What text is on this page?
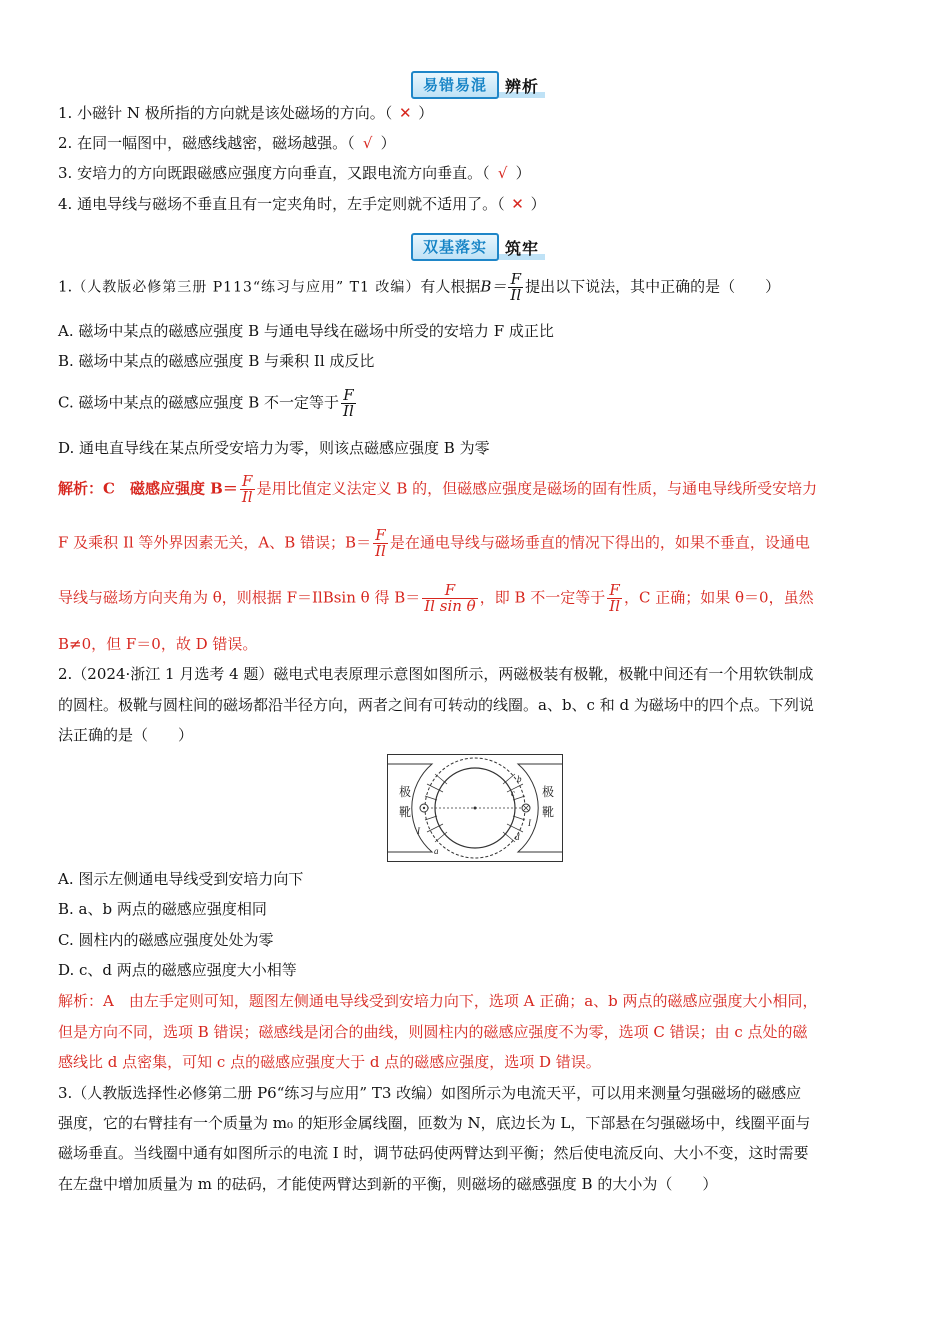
易错易混	辨析
1. 小磁针 N 极所指的方向就是该处磁场的方向。（ ✕ ）
2. 在同一幅图中，磁感线越密，磁场越强。（ √ ）
3. 安培力的方向既跟磁感应强度方向垂直，又跟电流方向垂直。（ √ ）
4. 通电导线与磁场不垂直且有一定夹角时，左手定则就不适用了。（ ✕ ）
双基落实	筑牢
1.（人教版必修第三册 P113“练习与应用” T1 改编）有人根据$B= \frac{F}{Il}$ 提出以下说法，其中正确的是（　　）
A. 磁场中某点的磁感应强度 B 与通电导线在磁场中所受的安培力 F 成正比
B. 磁场中某点的磁感应强度 B 与乘积 Il 成反比
C. 磁场中某点的磁感应强度 B 不一定等于 $\frac{F}{Il}$
D. 通电直导线在某点所受安培力为零，则该点磁感应强度 B 为零
解析：C　磁感应强度 $B= \frac{F}{Il}$ 是用比值定义法定义 B 的，但磁感应强度是磁场的固有性质，与通电导线所受安培力
F 及乘积 Il 等外界因素无关，A、B 错误；$B= \frac{F}{Il}$ 是在通电导线与磁场垂直的情况下得出的，如果不垂直，设通电
导线与磁场方向夹角为 θ，则根据 F＝IlBsin θ 得 $B= \frac{F}{\text{Il sin θ}}$ ，即 B 不一定等于 $\frac{F}{Il}$ ，C 正确；如果 θ＝0，虽然
B≠0，但 F＝0，故 D 错误。
2.（2024·浙江 1 月选考 4 题）磁电式电表原理示意图如图所示，两磁极装有极靴，极靴中间还有一个用软铁制成
的圆柱。极靴与圆柱间的磁场都沿半径方向，两者之间有可转动的线圈。a、b、c 和 d 为磁场中的四个点。下列说
法正确的是（　　）
极
靴
极
靴
I
I
a
b
c
d
A. 图示左侧通电导线受到安培力向下
B. a、b 两点的磁感应强度相同
C. 圆柱内的磁感应强度处处为零
D. c、d 两点的磁感应强度大小相等
解析：A　由左手定则可知，题图左侧通电导线受到安培力向下，选项 A 正确；a、b 两点的磁感应强度大小相同，
但是方向不同，选项 B 错误；磁感线是闭合的曲线，则圆柱内的磁感应强度不为零，选项 C 错误；由 c 点处的磁
感线比 d 点密集，可知 c 点的磁感应强度大于 d 点的磁感应强度，选项 D 错误。
3.（人教版选择性必修第二册 P6“练习与应用” T3 改编）如图所示为电流天平，可以用来测量匀强磁场的磁感应
强度，它的右臂挂有一个质量为 m₀ 的矩形金属线圈，匝数为 N，底边长为 L，下部悬在匀强磁场中，线圈平面与
磁场垂直。当线圈中通有如图所示的电流 I 时，调节砝码使两臂达到平衡；然后使电流反向、大小不变，这时需要
在左盘中增加质量为 m 的砝码，才能使两臂达到新的平衡，则磁场的磁感强度 B 的大小为（　　）
